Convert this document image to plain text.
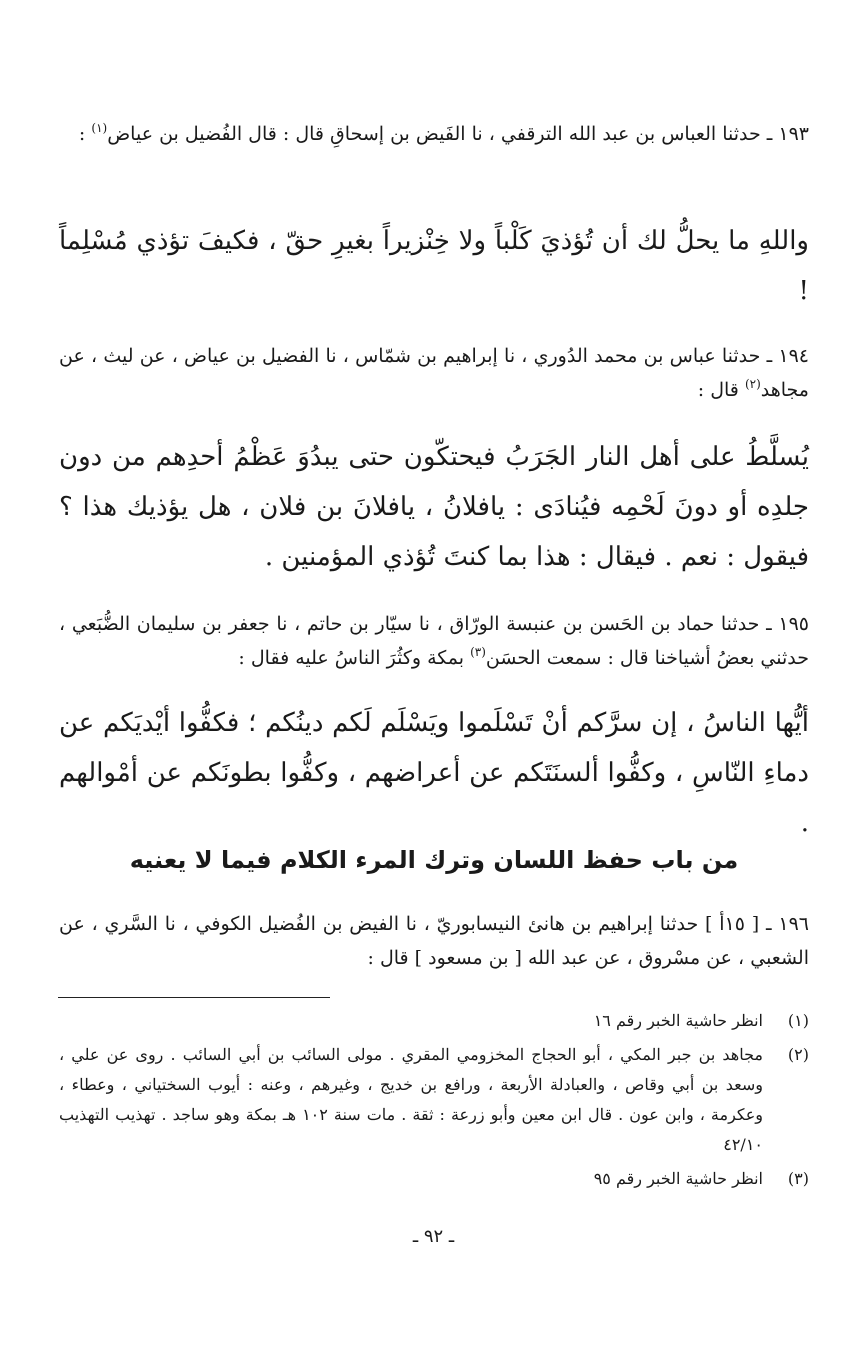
١٩٣ ـ حدثنا العباس بن عبد الله الترقفي ، نا الفَيض بن إسحاقِ قال : قال الفُضيل بن عياض$^{(١)}$ :
واللهِ ما يحلُّ لك أن تُؤذيَ كَلْباً ولا خِنْزيراً بغيرِ حقّ ، فكيفَ تؤذي مُسْلِماً !
١٩٤ ـ حدثنا عباس بن محمد الدُوري ، نا إبراهيم بن شمّاس ، نا الفضيل بن عياض ، عن ليث ، عن مجاهد$^{(٢)}$ قال :
يُسلَّطُ على أهل النار الجَرَبُ فيحتكّون حتى يبدُوَ عَظْمُ أحدِهم من دون جلدِه أو دونَ لَحْمِه فيُنادَى : يافلانُ ، يافلانَ بن فلان ، هل يؤذيك هذا ؟ فيقول : نعم . فيقال : هذا بما كنتَ تُؤذي المؤمنين .
١٩٥ ـ حدثنا حماد بن الحَسن بن عنبسة الورّاق ، نا سيّار بن حاتم ، نا جعفر بن سليمان الضُّبَعي ، حدثني بعضُ أشياخنا قال : سمعت الحسَن$^{(٣)}$ بمكة وكثُرَ الناسُ عليه فقال :
أيُّها الناسُ ، إن سرَّكم أنْ تَسْلَموا ويَسْلَم لَكم دينُكم ؛ فكفُّوا أيْديَكم عن دماءِ النّاسِ ، وكفُّوا ألسنَتَكم عن أعراضهم ، وكفُّوا بطونَكم عن أمْوالهم .
من باب حفظ اللسان وترك المرء الكلام فيما لا يعنيه
١٩٦ ـ [ ١٥أ ] حدثنا إبراهيم بن هانئ النيسابوريّ ، نا الفيض بن الفُضيل الكوفي ، نا السَّري ، عن الشعبي ، عن مسْروق ، عن عبد الله [ بن مسعود ] قال :
(١)
انظر حاشية الخبر رقم ١٦
(٢)
مجاهد بن جبر المكي ، أبو الحجاج المخزومي المقري . مولى السائب بن أبي السائب . روى عن علي ، وسعد بن أبي وقاص ، والعبادلة الأربعة ، ورافع بن خديج ، وغيرهم ، وعنه : أيوب السختياني ، وعطاء ، وعكرمة ، وابن عون . قال ابن معين وأبو زرعة : ثقة . مات سنة ١٠٢ هـ بمكة وهو ساجد . تهذيب التهذيب ٤٢/١٠
(٣)
انظر حاشية الخبر رقم ٩٥
ـ ٩٢ ـ
